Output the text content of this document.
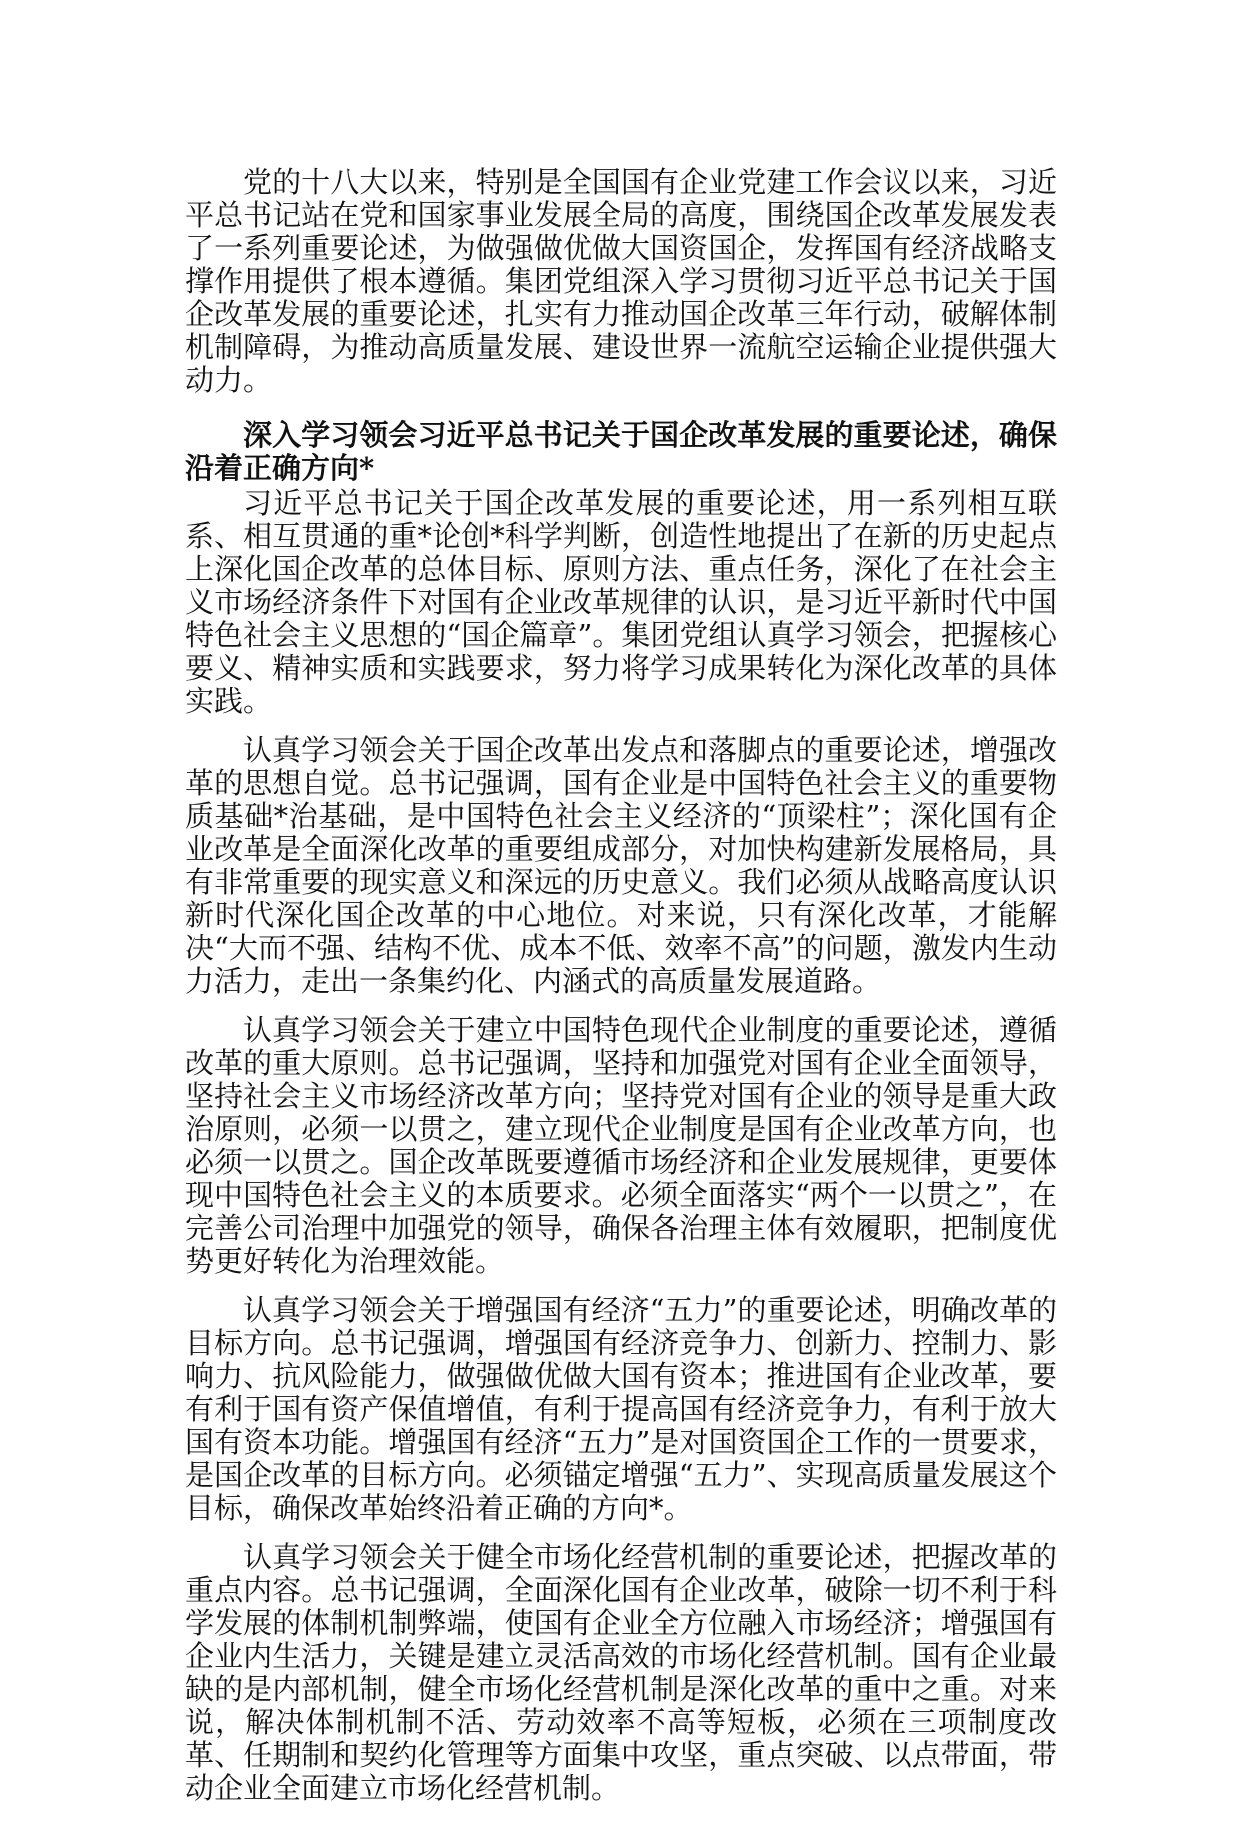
党的十八大以来，特别是全国国有企业党建工作会议以来，习近平总书记站在党和国家事业发展全局的高度，围绕国企改革发展发表了一系列重要论述，为做强做优做大国资国企，发挥国有经济战略支撑作用提供了根本遵循。集团党组深入学习贯彻习近平总书记关于国企改革发展的重要论述，扎实有力推动国企改革三年行动，破解体制机制障碍，为推动高质量发展、建设世界一流航空运输企业提供强大动力。

深入学习领会习近平总书记关于国企改革发展的重要论述，确保沿着正确方向*

习近平总书记关于国企改革发展的重要论述，用一系列相互联系、相互贯通的重*论创*科学判断，创造性地提出了在新的历史起点上深化国企改革的总体目标、原则方法、重点任务，深化了在社会主义市场经济条件下对国有企业改革规律的认识，是习近平新时代中国特色社会主义思想的“国企篇章”。集团党组认真学习领会，把握核心要义、精神实质和实践要求，努力将学习成果转化为深化改革的具体实践。

认真学习领会关于国企改革出发点和落脚点的重要论述，增强改革的思想自觉。总书记强调，国有企业是中国特色社会主义的重要物质基础*治基础，是中国特色社会主义经济的“顶梁柱”；深化国有企业改革是全面深化改革的重要组成部分，对加快构建新发展格局，具有非常重要的现实意义和深远的历史意义。我们必须从战略高度认识新时代深化国企改革的中心地位。对来说，只有深化改革，才能解决“大而不强、结构不优、成本不低、效率不高”的问题，激发内生动力活力，走出一条集约化、内涵式的高质量发展道路。

认真学习领会关于建立中国特色现代企业制度的重要论述，遵循改革的重大原则。总书记强调，坚持和加强党对国有企业全面领导，坚持社会主义市场经济改革方向；坚持党对国有企业的领导是重大政治原则，必须一以贯之，建立现代企业制度是国有企业改革方向，也必须一以贯之。国企改革既要遵循市场经济和企业发展规律，更要体现中国特色社会主义的本质要求。必须全面落实“两个一以贯之”，在完善公司治理中加强党的领导，确保各治理主体有效履职，把制度优势更好转化为治理效能。

认真学习领会关于增强国有经济“五力”的重要论述，明确改革的目标方向。总书记强调，增强国有经济竞争力、创新力、控制力、影响力、抗风险能力，做强做优做大国有资本；推进国有企业改革，要有利于国有资产保值增值，有利于提高国有经济竞争力，有利于放大国有资本功能。增强国有经济“五力”是对国资国企工作的一贯要求，是国企改革的目标方向。必须锚定增强“五力”、实现高质量发展这个目标，确保改革始终沿着正确的方向*。

认真学习领会关于健全市场化经营机制的重要论述，把握改革的重点内容。总书记强调，全面深化国有企业改革，破除一切不利于科学发展的体制机制弊端，使国有企业全方位融入市场经济；增强国有企业内生活力，关键是建立灵活高效的市场化经营机制。国有企业最缺的是内部机制，健全市场化经营机制是深化改革的重中之重。对来说，解决体制机制不活、劳动效率不高等短板，必须在三项制度改革、任期制和契约化管理等方面集中攻坚，重点突破、以点带面，带动企业全面建立市场化经营机制。
